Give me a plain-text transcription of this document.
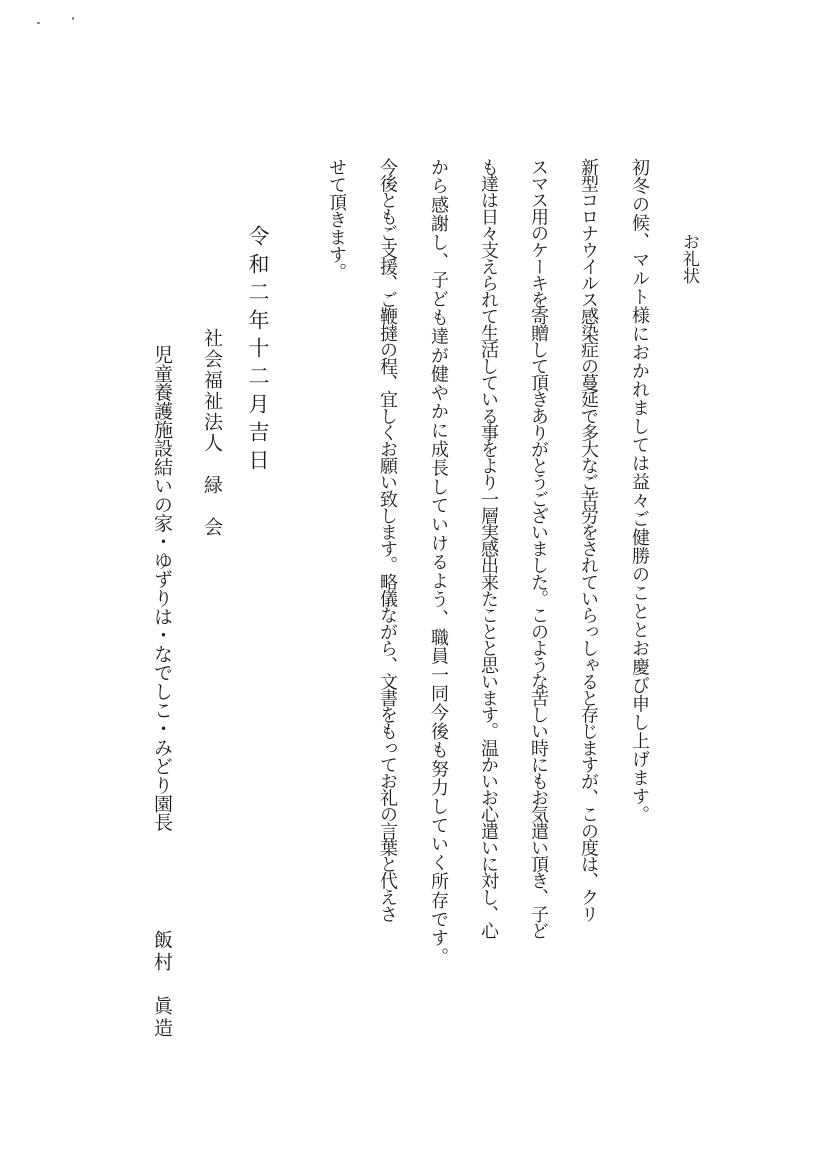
お礼状
初冬の候、マルト様におかれましては益々ご健勝のこととお慶び申し上げます。
新型コロナウイルス感染症の蔓延で多大なご苦労をされていらっしゃると存じますが、この度は、クリ
スマス用のケーキを寄贈して頂きありがとうございました。このような苦しい時にもお気遣い頂き、子ど
も達は日々支えられて生活している事をより一層実感出来たことと思います。温かいお心遣いに対し、心
から感謝し、子ども達が健やかに成長していけるよう、職員一同今後も努力していく所存です。
今後ともご支援、ご鞭撻の程、宜しくお願い致します。略儀ながら、文書をもってお礼の言葉と代えさ
せて頂きます。
令和二年十二月吉日
社会福祉法人　緑　会
児童養護施設結いの家・ゆずりは・なでしこ・みどり園長
飯村　眞造
